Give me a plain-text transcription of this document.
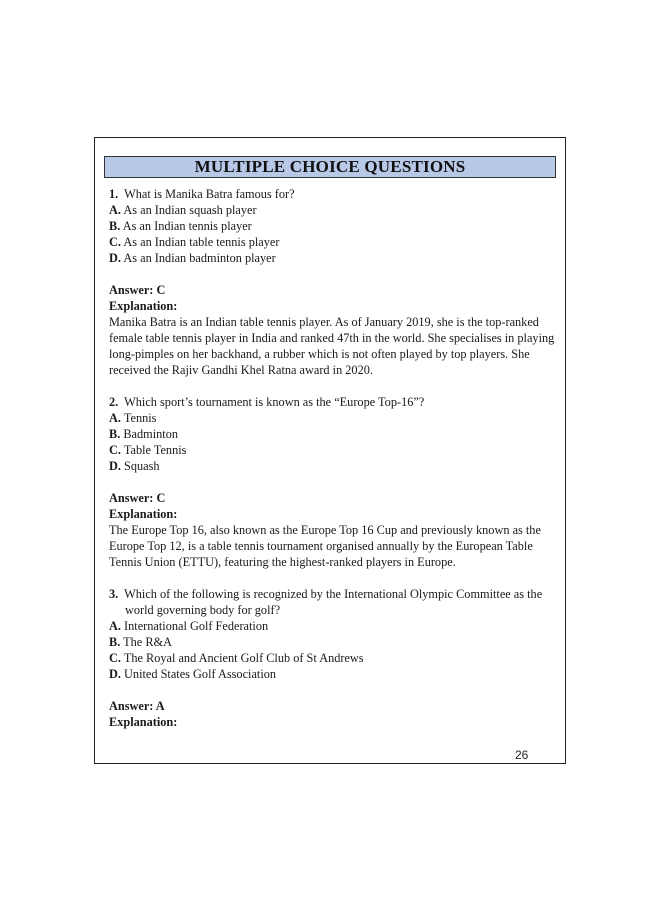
MULTIPLE CHOICE QUESTIONS
1. What is Manika Batra famous for?
A. As an Indian squash player
B. As an Indian tennis player
C. As an Indian table tennis player
D. As an Indian badminton player
Answer: C
Explanation:
Manika Batra is an Indian table tennis player. As of January 2019, she is the top-ranked
female table tennis player in India and ranked 47th in the world. She specialises in playing
long-pimples on her backhand, a rubber which is not often played by top players. She
received the Rajiv Gandhi Khel Ratna award in 2020.
2. Which sport’s tournament is known as the “Europe Top-16”?
A. Tennis
B. Badminton
C. Table Tennis
D. Squash
Answer: C
Explanation:
The Europe Top 16, also known as the Europe Top 16 Cup and previously known as the
Europe Top 12, is a table tennis tournament organised annually by the European Table
Tennis Union (ETTU), featuring the highest-ranked players in Europe.
3. Which of the following is recognized by the International Olympic Committee as the
world governing body for golf?
A. International Golf Federation
B. The R&A
C. The Royal and Ancient Golf Club of St Andrews
D. United States Golf Association
Answer: A
Explanation:
26
